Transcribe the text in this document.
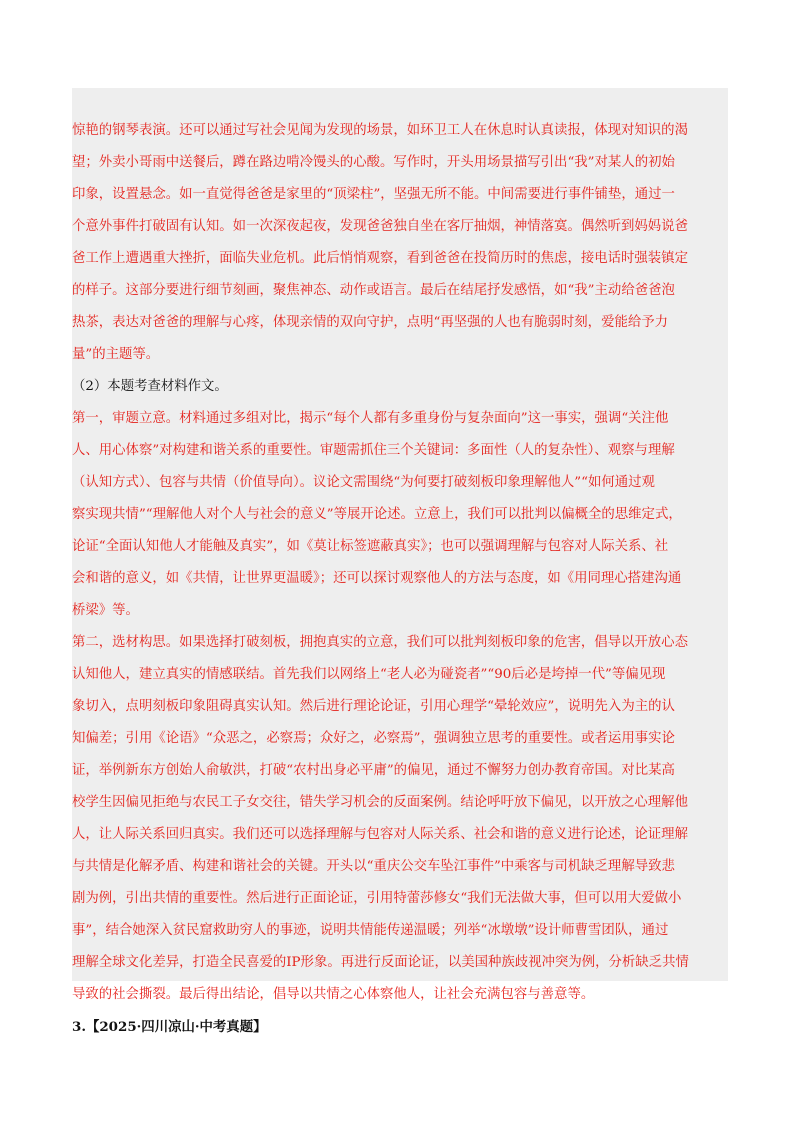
惊艳的钢琴表演。还可以通过写社会见闻为发现的场景，如环卫工人在休息时认真读报，体现对知识的渴
望；外卖小哥雨中送餐后，蹲在路边啃冷馒头的心酸。写作时，开头用场景描写引出“我”对某人的初始
印象，设置悬念。如一直觉得爸爸是家里的“顶梁柱”，坚强无所不能。中间需要进行事件铺垫，通过一
个意外事件打破固有认知。如一次深夜起夜，发现爸爸独自坐在客厅抽烟，神情落寞。偶然听到妈妈说爸
爸工作上遭遇重大挫折，面临失业危机。此后悄悄观察，看到爸爸在投简历时的焦虑，接电话时强装镇定
的样子。这部分要进行细节刻画，聚焦神态、动作或语言。最后在结尾抒发感悟，如“我”主动给爸爸泡
热茶，表达对爸爸的理解与心疼，体现亲情的双向守护，点明“再坚强的人也有脆弱时刻，爱能给予力
量”的主题等。
（2）本题考查材料作文。
第一，审题立意。材料通过多组对比，揭示“每个人都有多重身份与复杂面向”这一事实，强调“关注他
人、用心体察”对构建和谐关系的重要性。审题需抓住三个关键词：多面性（人的复杂性）、观察与理解
（认知方式）、包容与共情（价值导向）。议论文需围绕“为何要打破刻板印象理解他人”“如何通过观
察实现共情”“理解他人对个人与社会的意义”等展开论述。立意上，我们可以批判以偏概全的思维定式，
论证“全面认知他人才能触及真实”，如《莫让标签遮蔽真实》；也可以强调理解与包容对人际关系、社
会和谐的意义，如《共情，让世界更温暖》；还可以探讨观察他人的方法与态度，如《用同理心搭建沟通
桥梁》等。
第二，选材构思。如果选择打破刻板，拥抱真实的立意，我们可以批判刻板印象的危害，倡导以开放心态
认知他人，建立真实的情感联结。首先我们以网络上“老人必为碰瓷者”“90后必是垮掉一代”等偏见现
象切入，点明刻板印象阻碍真实认知。然后进行理论论证，引用心理学“晕轮效应”，说明先入为主的认
知偏差；引用《论语》“众恶之，必察焉；众好之，必察焉”，强调独立思考的重要性。或者运用事实论
证，举例新东方创始人俞敏洪，打破“农村出身必平庸”的偏见，通过不懈努力创办教育帝国。对比某高
校学生因偏见拒绝与农民工子女交往，错失学习机会的反面案例。结论呼吁放下偏见，以开放之心理解他
人，让人际关系回归真实。我们还可以选择理解与包容对人际关系、社会和谐的意义进行论述，论证理解
与共情是化解矛盾、构建和谐社会的关键。开头以“重庆公交车坠江事件”中乘客与司机缺乏理解导致悲
剧为例，引出共情的重要性。然后进行正面论证，引用特蕾莎修女“我们无法做大事，但可以用大爱做小
事”，结合她深入贫民窟救助穷人的事迹，说明共情能传递温暖；列举“冰墩墩”设计师曹雪团队，通过
理解全球文化差异，打造全民喜爱的IP形象。再进行反面论证，以美国种族歧视冲突为例，分析缺乏共情
导致的社会撕裂。最后得出结论，倡导以共情之心体察他人，让社会充满包容与善意等。
3.【2025·四川凉山·中考真题】
